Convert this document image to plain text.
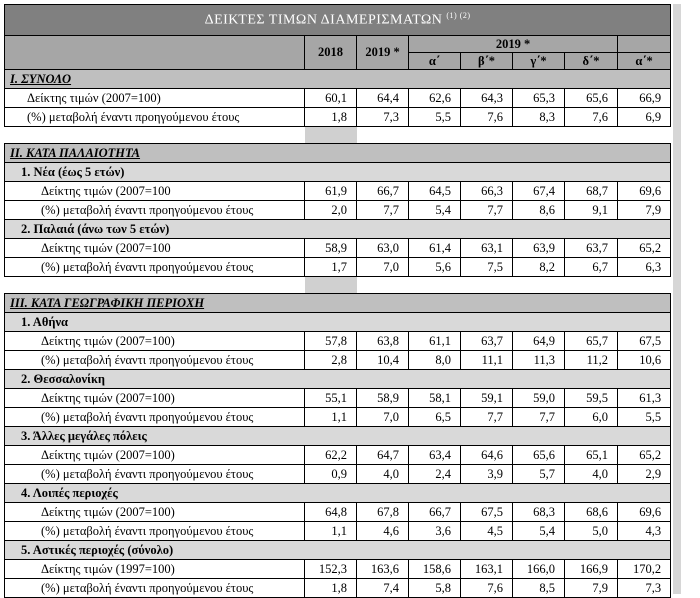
ΔΕΙΚΤΕΣ ΤΙΜΩΝ ΔΙΑΜΕΡΙΣΜΑΤΩΝ $^{(1) (2)}$
	2018	2019 *	2019 *				
			α΄	β΄*	γ΄*	δ΄*	α΄*
Ι. ΣΥΝΟΛΟ							
Δείκτης τιμών (2007=100)	60,1	64,4	62,6	64,3	65,3	65,6	66,9
(%) μεταβολή έναντι προηγούμενου έτους	1,8	7,3	5,5	7,6	8,3	7,6	6,9

ΙΙ. ΚΑΤΑ ΠΑΛΑΙΟΤΗΤΑ							
1. Νέα (έως 5 ετών)							
Δείκτης τιμών (2007=100	61,9	66,7	64,5	66,3	67,4	68,7	69,6
(%) μεταβολή έναντι προηγούμενου έτους	2,0	7,7	5,4	7,7	8,6	9,1	7,9
2. Παλαιά (άνω των 5 ετών)							
Δείκτης τιμών (2007=100	58,9	63,0	61,4	63,1	63,9	63,7	65,2
(%) μεταβολή έναντι προηγούμενου έτους	1,7	7,0	5,6	7,5	8,2	6,7	6,3

ΙΙΙ. ΚΑΤΑ ΓΕΩΓΡΑΦΙΚΗ ΠΕΡΙΟΧΗ							
1. Αθήνα							
Δείκτης τιμών (2007=100)	57,8	63,8	61,1	63,7	64,9	65,7	67,5
(%) μεταβολή έναντι προηγούμενου έτους	2,8	10,4	8,0	11,1	11,3	11,2	10,6
2. Θεσσαλονίκη							
Δείκτης τιμών (2007=100)	55,1	58,9	58,1	59,1	59,0	59,5	61,3
(%) μεταβολή έναντι προηγούμενου έτους	1,1	7,0	6,5	7,7	7,7	6,0	5,5
3. Άλλες μεγάλες πόλεις							
Δείκτης τιμών (2007=100)	62,2	64,7	63,4	64,6	65,6	65,1	65,2
(%) μεταβολή έναντι προηγούμενου έτους	0,9	4,0	2,4	3,9	5,7	4,0	2,9
4. Λοιπές περιοχές							
Δείκτης τιμών (2007=100)	64,8	67,8	66,7	67,5	68,3	68,6	69,6
(%) μεταβολή έναντι προηγούμενου έτους	1,1	4,6	3,6	4,5	5,4	5,0	4,3
5. Αστικές περιοχές (σύνολο)							
Δείκτης τιμών (1997=100)	152,3	163,6	158,6	163,1	166,0	166,9	170,2
(%) μεταβολή έναντι προηγούμενου έτους	1,8	7,4	5,8	7,6	8,5	7,9	7,3
